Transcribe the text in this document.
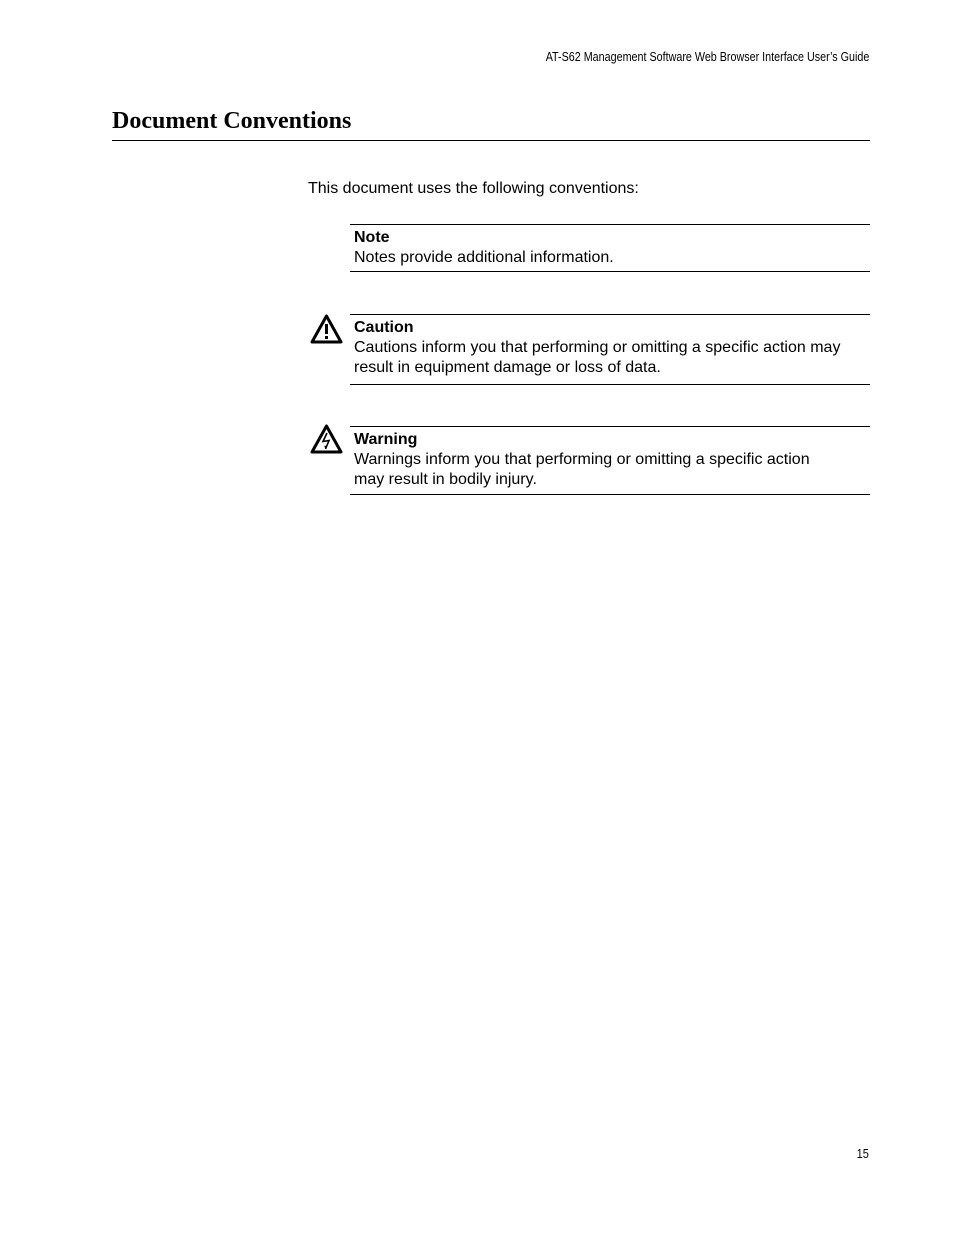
AT-S62 Management Software Web Browser Interface User’s Guide
Document Conventions
This document uses the following conventions:
Note
Notes provide additional information.
Caution
Cautions inform you that performing or omitting a specific action may
result in equipment damage or loss of data.
Warning
Warnings inform you that performing or omitting a specific action
may result in bodily injury.
15
